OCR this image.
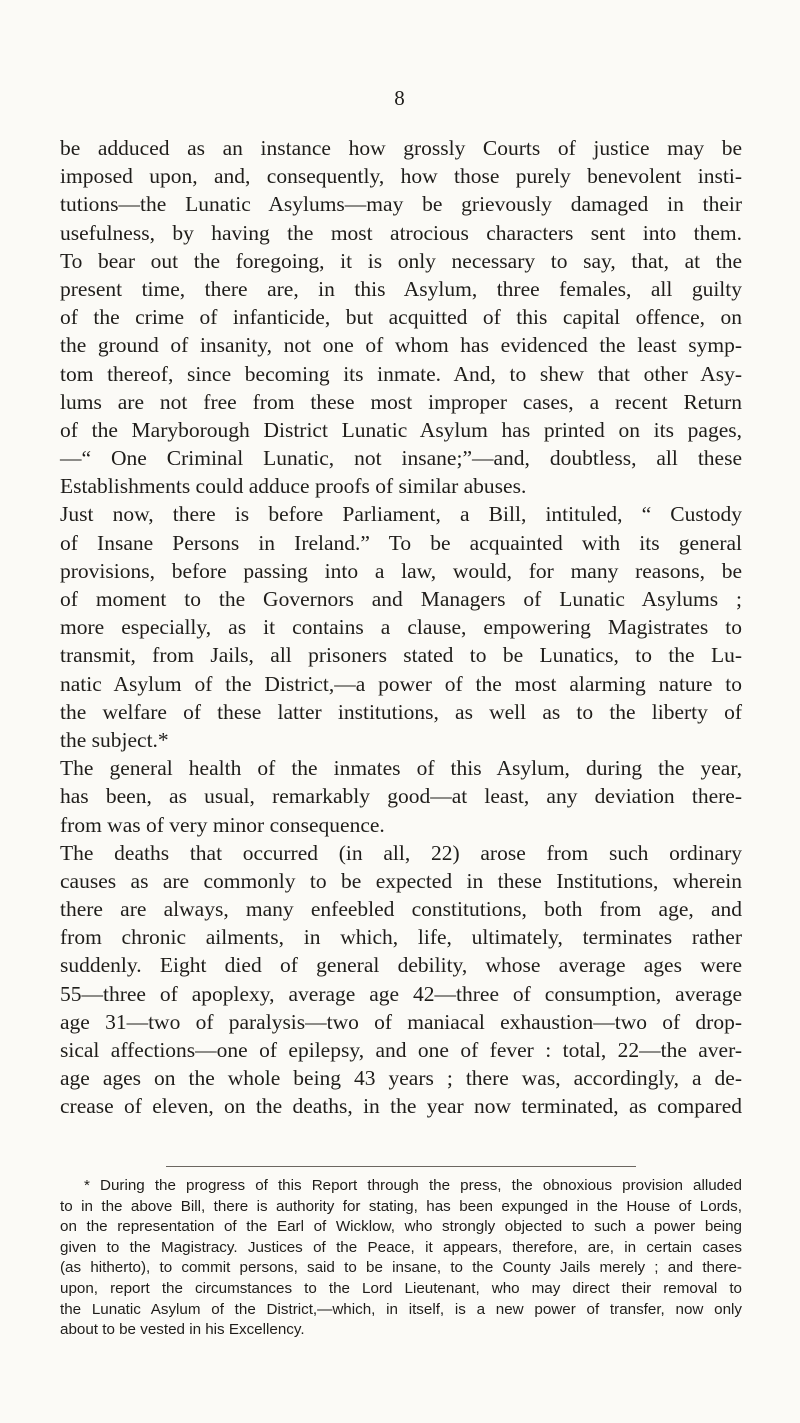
8
be adduced as an instance how grossly Courts of justice may be
imposed upon, and, consequently, how those purely benevolent insti-
tutions—the Lunatic Asylums—may be grievously damaged in their
usefulness, by having the most atrocious characters sent into them.
To bear out the foregoing, it is only necessary to say, that, at the
present time, there are, in this Asylum, three females, all guilty
of the crime of infanticide, but acquitted of this capital offence, on
the ground of insanity, not one of whom has evidenced the least symp-
tom thereof, since becoming its inmate. And, to shew that other Asy-
lums are not free from these most improper cases, a recent Return
of the Maryborough District Lunatic Asylum has printed on its pages,
—“ One Criminal Lunatic, not insane;”—and, doubtless, all these
Establishments could adduce proofs of similar abuses.
Just now, there is before Parliament, a Bill, intituled, “ Custody
of Insane Persons in Ireland.” To be acquainted with its general
provisions, before passing into a law, would, for many reasons, be
of moment to the Governors and Managers of Lunatic Asylums ;
more especially, as it contains a clause, empowering Magistrates to
transmit, from Jails, all prisoners stated to be Lunatics, to the Lu-
natic Asylum of the District,—a power of the most alarming nature to
the welfare of these latter institutions, as well as to the liberty of
the subject.*
The general health of the inmates of this Asylum, during the year,
has been, as usual, remarkably good—at least, any deviation there-
from was of very minor consequence.
The deaths that occurred (in all, 22) arose from such ordinary
causes as are commonly to be expected in these Institutions, wherein
there are always, many enfeebled constitutions, both from age, and
from chronic ailments, in which, life, ultimately, terminates rather
suddenly. Eight died of general debility, whose average ages were
55—three of apoplexy, average age 42—three of consumption, average
age 31—two of paralysis—two of maniacal exhaustion—two of drop-
sical affections—one of epilepsy, and one of fever : total, 22—the aver-
age ages on the whole being 43 years ; there was, accordingly, a de-
crease of eleven, on the deaths, in the year now terminated, as compared
* During the progress of this Report through the press, the obnoxious provision alluded
to in the above Bill, there is authority for stating, has been expunged in the House of Lords,
on the representation of the Earl of Wicklow, who strongly objected to such a power being
given to the Magistracy. Justices of the Peace, it appears, therefore, are, in certain cases
(as hitherto), to commit persons, said to be insane, to the County Jails merely ; and there-
upon, report the circumstances to the Lord Lieutenant, who may direct their removal to
the Lunatic Asylum of the District,—which, in itself, is a new power of transfer, now only
about to be vested in his Excellency.
